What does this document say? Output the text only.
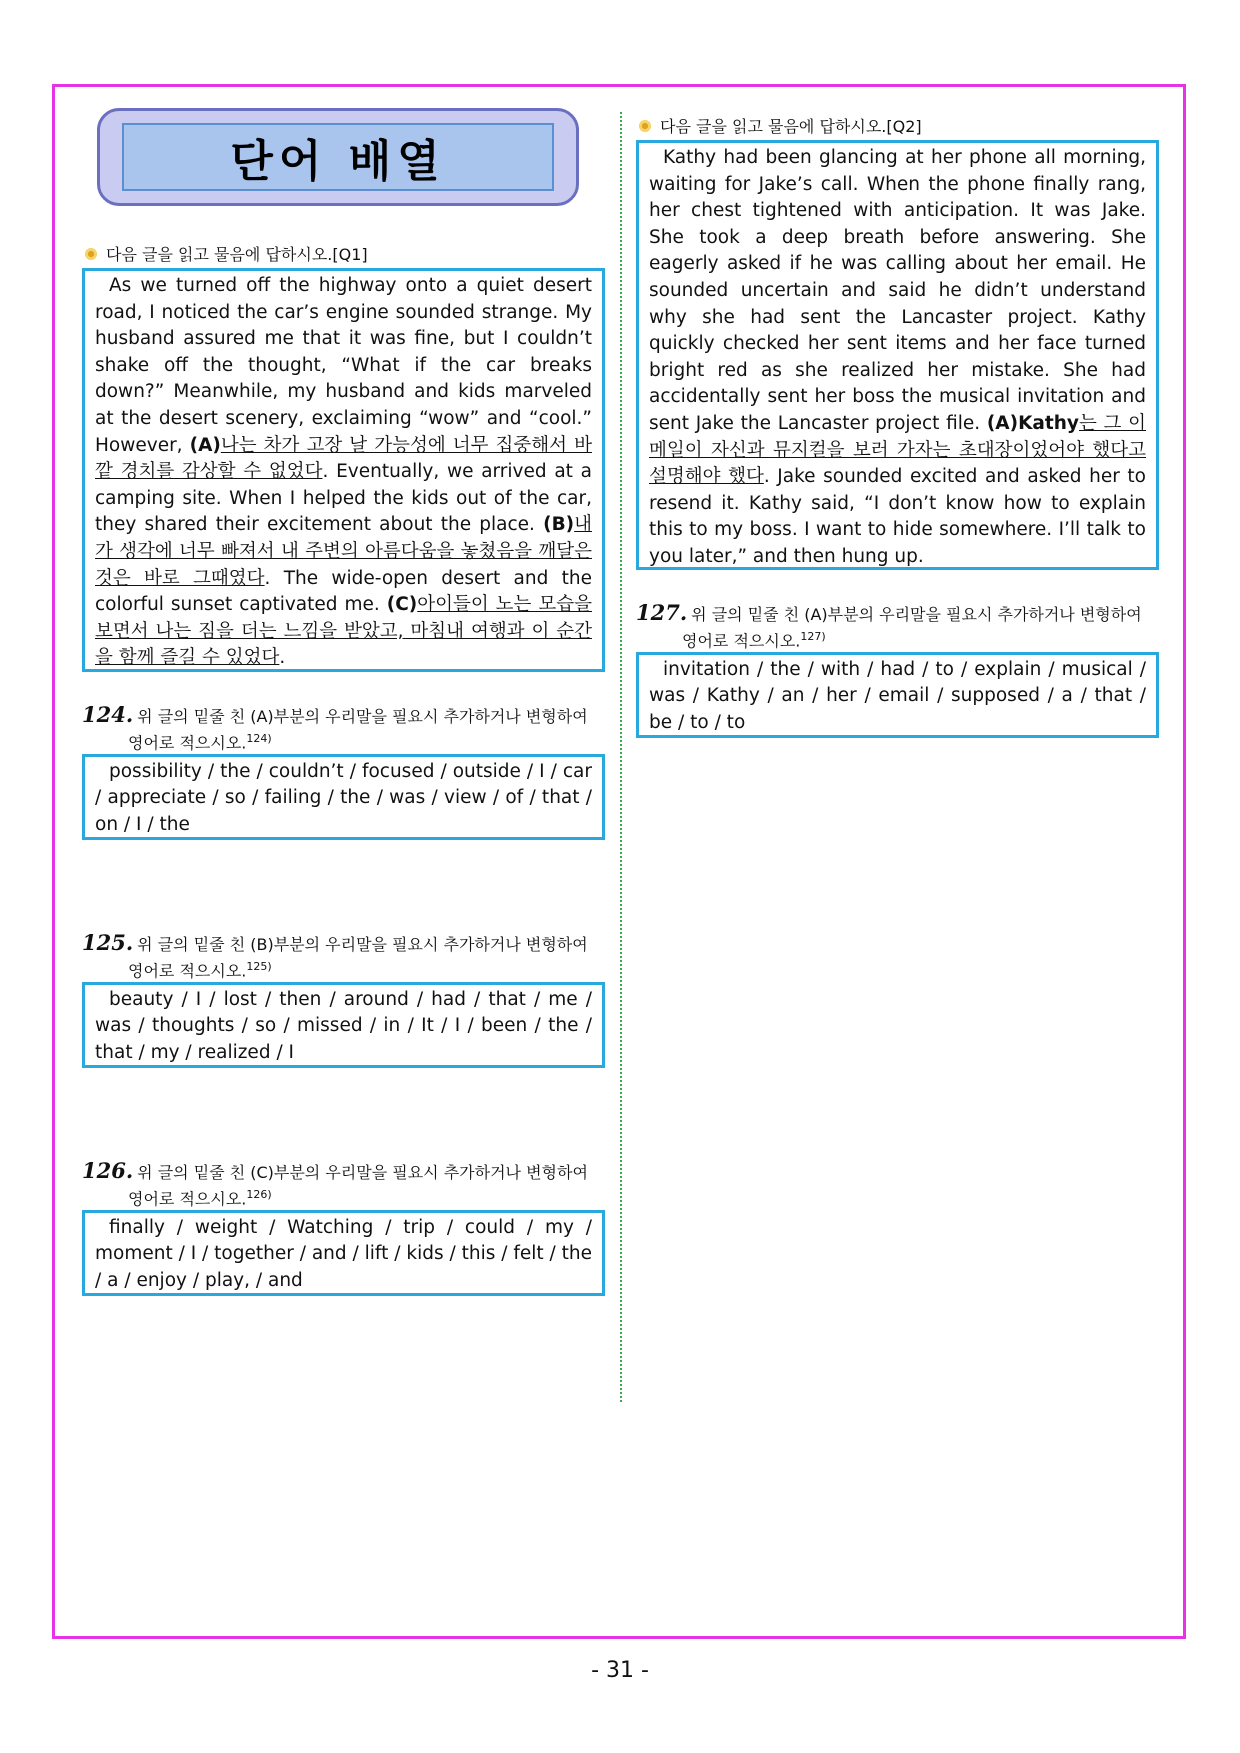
단어 배열
다음 글을 읽고 물음에 답하시오.[Q1]
As we turned off the highway onto a quiet desert road, I noticed the car’s engine sounded strange. My husband assured me that it was fine, but I couldn’t shake off the thought, “What if the car breaks down?” Meanwhile, my husband and kids marveled at the desert scenery, exclaiming “wow” and “cool.” However, (A)나는 차가 고장 날 가능성에 너무 집중해서 바깥 경치를 감상할 수 없었다. Eventually, we arrived at a camping site. When I helped the kids out of the car, they shared their excitement about the place. (B)내가 생각에 너무 빠져서 내 주변의 아름다움을 놓쳤음을 깨달은 것은 바로 그때였다. The wide-open desert and the colorful sunset captivated me. (C)아이들이 노는 모습을 보면서 나는 짐을 더는 느낌을 받았고, 마침내 여행과 이 순간을 함께 즐길 수 있었다.
124. 위 글의 밑줄 친 (A)부분의 우리말을 필요시 추가하거나 변형하여
영어로 적으시오.$^{124)}$
possibility / the / couldn’t / focused / outside / I / car / appreciate / so / failing / the / was / view / of / that / on / I / the
125. 위 글의 밑줄 친 (B)부분의 우리말을 필요시 추가하거나 변형하여
영어로 적으시오.$^{125)}$
beauty / I / lost / then / around / had / that / me / was / thoughts / so / missed / in / It / I / been / the / that / my / realized / I
126. 위 글의 밑줄 친 (C)부분의 우리말을 필요시 추가하거나 변형하여
영어로 적으시오.$^{126)}$
finally / weight / Watching / trip / could / my / moment / I / together / and / lift / kids / this / felt / the / a / enjoy / play, / and
다음 글을 읽고 물음에 답하시오.[Q2]
Kathy had been glancing at her phone all morning, waiting for Jake’s call. When the phone finally rang, her chest tightened with anticipation. It was Jake. She took a deep breath before answering. She eagerly asked if he was calling about her email. He sounded uncertain and said he didn’t understand why she had sent the Lancaster project. Kathy quickly checked her sent items and her face turned bright red as she realized her mistake. She had accidentally sent her boss the musical invitation and sent Jake the Lancaster project file. (A)Kathy는 그 이메일이 자신과 뮤지컬을 보러 가자는 초대장이었어야 했다고 설명해야 했다. Jake sounded excited and asked her to resend it. Kathy said, “I don’t know how to explain this to my boss. I want to hide somewhere. I’ll talk to you later,” and then hung up.
127. 위 글의 밑줄 친 (A)부분의 우리말을 필요시 추가하거나 변형하여
영어로 적으시오.$^{127)}$
invitation / the / with / had / to / explain / musical / was / Kathy / an / her / email / supposed / a / that / be / to / to
- 31 -
